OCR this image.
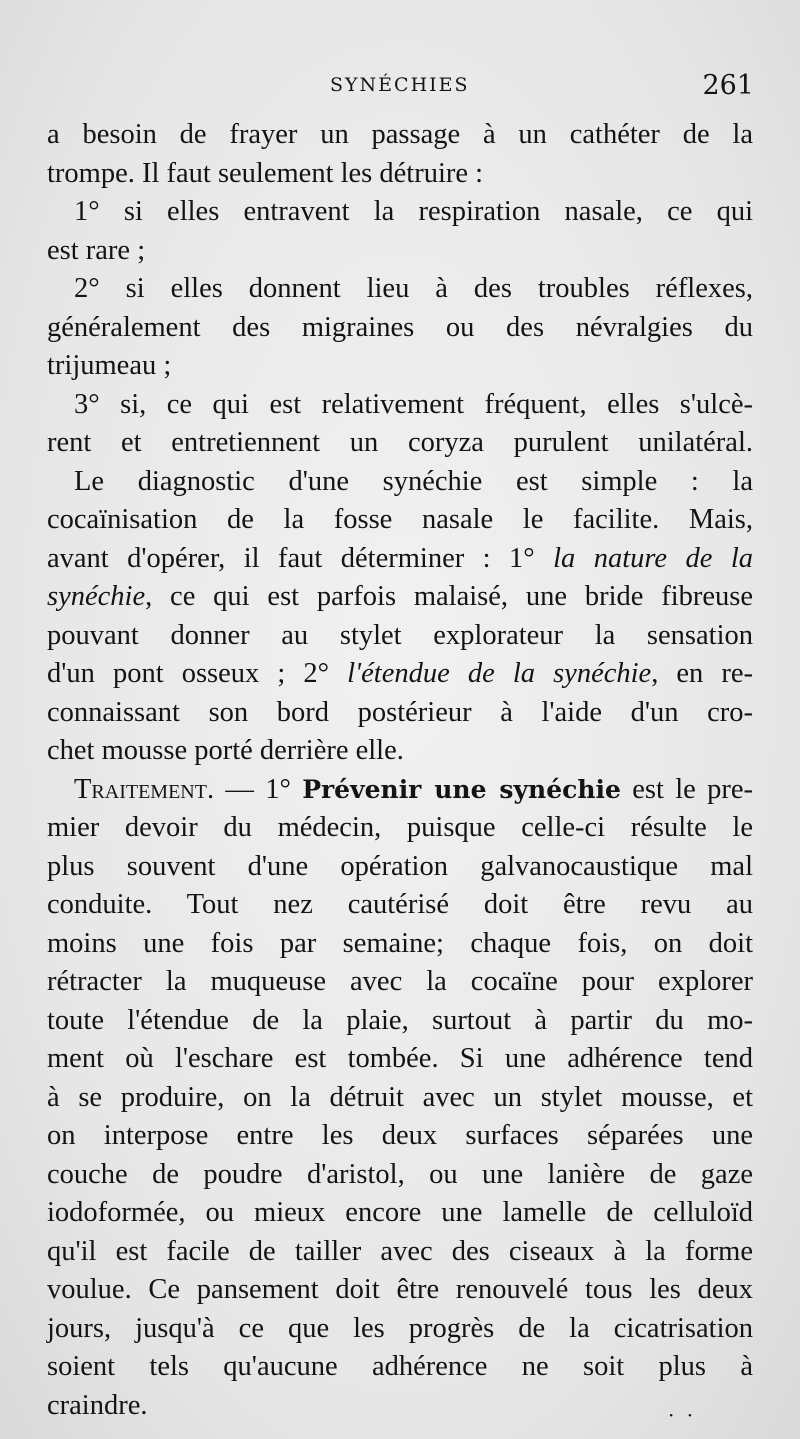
SYNÉCHIES	261
a besoin de frayer un passage à un cathéter de la
trompe. Il faut seulement les détruire :
1° si elles entravent la respiration nasale, ce qui
est rare ;
2° si elles donnent lieu à des troubles réflexes,
généralement des migraines ou des névralgies du
trijumeau ;
3° si, ce qui est relativement fréquent, elles s'ulcè-
rent et entretiennent un coryza purulent unilatéral.
Le diagnostic d'une synéchie est simple : la
cocaïnisation de la fosse nasale le facilite. Mais,
avant d'opérer, il faut déterminer : 1° la nature de la
synéchie, ce qui est parfois malaisé, une bride fibreuse
pouvant donner au stylet explorateur la sensation
d'un pont osseux ; 2° l'étendue de la synéchie, en re-
connaissant son bord postérieur à l'aide d'un cro-
chet mousse porté derrière elle.
Traitement. — 1° Prévenir une synéchie est le pre-
mier devoir du médecin, puisque celle-ci résulte le
plus souvent d'une opération galvanocaustique mal
conduite. Tout nez cautérisé doit être revu au
moins une fois par semaine; chaque fois, on doit
rétracter la muqueuse avec la cocaïne pour explorer
toute l'étendue de la plaie, surtout à partir du mo-
ment où l'eschare est tombée. Si une adhérence tend
à se produire, on la détruit avec un stylet mousse, et
on interpose entre les deux surfaces séparées une
couche de poudre d'aristol, ou une lanière de gaze
iodoformée, ou mieux encore une lamelle de celluloïd
qu'il est facile de tailler avec des ciseaux à la forme
voulue. Ce pansement doit être renouvelé tous les deux
jours, jusqu'à ce que les progrès de la cicatrisation
soient tels qu'aucune adhérence ne soit plus à
craindre.	· ·
